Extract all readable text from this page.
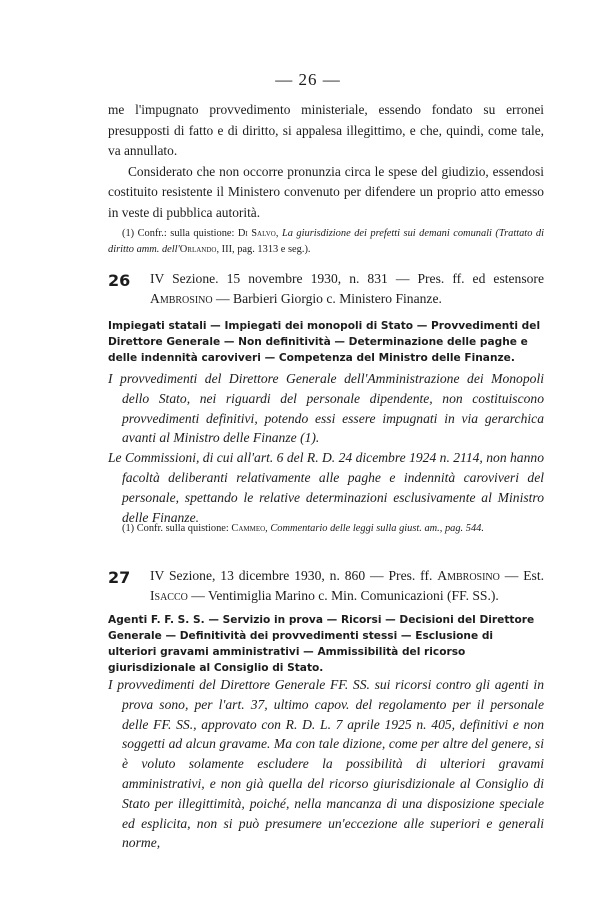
— 26 —

me l'impugnato provvedimento ministeriale, essendo fondato su erronei presupposti di fatto e di diritto, si appalesa illegittimo, e che, quindi, come tale, va annullato.

Considerato che non occorre pronunzia circa le spese del giudizio, essendosi costituito resistente il Ministero convenuto per difendere un proprio atto emesso in veste di pubblica autorità.

(1) Confr.: sulla quistione: Di Salvo, La giurisdizione dei prefetti sui demani comunali (Trattato di diritto amm. dell'Orlando, III, pag. 1313 e seg.).

26 IV Sezione. 15 novembre 1930, n. 831 — Pres. ff. ed estensore Ambrosino — Barbieri Giorgio c. Ministero Finanze.

Impiegati statali — Impiegati dei monopoli di Stato — Provvedimenti del Direttore Generale — Non definitività — Determinazione delle paghe e delle indennità caroviveri — Competenza del Ministro delle Finanze.

I provvedimenti del Direttore Generale dell'Amministrazione dei Monopoli dello Stato, nei riguardi del personale dipendente, non costituiscono provvedimenti definitivi, potendo essi essere impugnati in via gerarchica avanti al Ministro delle Finanze (1).

Le Commissioni, di cui all'art. 6 del R. D. 24 dicembre 1924 n. 2114, non hanno facoltà deliberanti relativamente alle paghe e indennità caroviveri del personale, spettando le relative determinazioni esclusivamente al Ministro delle Finanze.

(1) Confr. sulla quistione: Cammeo, Commentario delle leggi sulla giust. am., pag. 544.

27 IV Sezione, 13 dicembre 1930, n. 860 — Pres. ff. Ambrosino — Est. Isacco — Ventimiglia Marino c. Min. Comunicazioni (FF. SS.).

Agenti F. F. S. S. — Servizio in prova — Ricorsi — Decisioni del Direttore Generale — Definitività dei provvedimenti stessi — Esclusione di ulteriori gravami amministrativi — Ammissibilità del ricorso giurisdizionale al Consiglio di Stato.

I provvedimenti del Direttore Generale FF. SS. sui ricorsi contro gli agenti in prova sono, per l'art. 37, ultimo capov. del regolamento per il personale delle FF. SS., approvato con R. D. L. 7 aprile 1925 n. 405, definitivi e non soggetti ad alcun gravame. Ma con tale dizione, come per altre del genere, si è voluto solamente escludere la possibilità di ulteriori gravami amministrativi, e non già quella del ricorso giurisdizionale al Consiglio di Stato per illegittimità, poiché, nella mancanza di una disposizione speciale ed esplicita, non si può presumere un'eccezione alle superiori e generali norme,
